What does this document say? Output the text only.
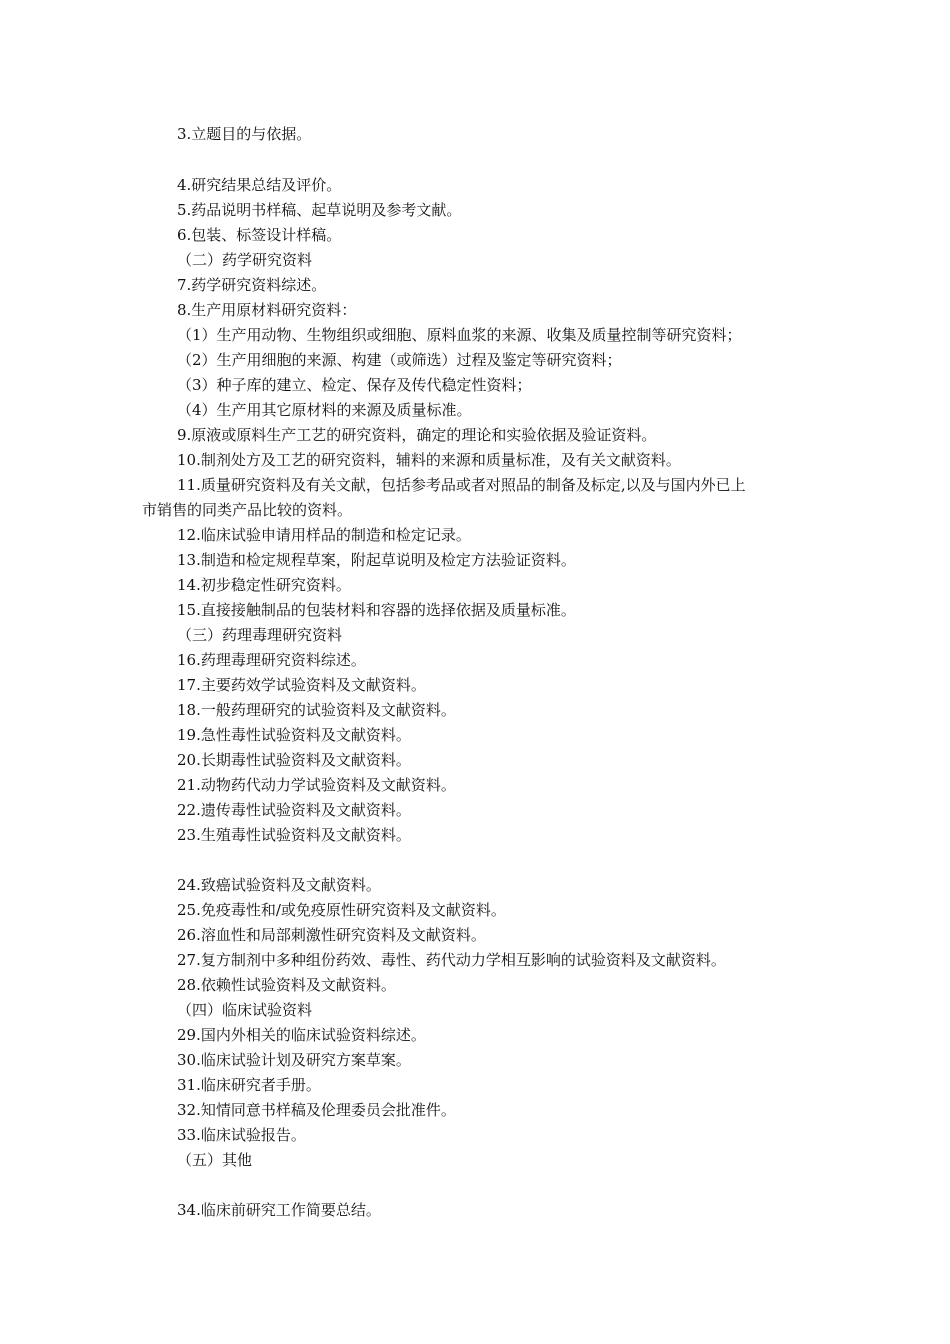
3.立题目的与依据。
4.研究结果总结及评价。
5.药品说明书样稿、起草说明及参考文献。
6.包装、标签设计样稿。
（二）药学研究资料
7.药学研究资料综述。
8.生产用原材料研究资料：
（1）生产用动物、生物组织或细胞、原料血浆的来源、收集及质量控制等研究资料；
（2）生产用细胞的来源、构建（或筛选）过程及鉴定等研究资料；
（3）种子库的建立、检定、保存及传代稳定性资料；
（4）生产用其它原材料的来源及质量标准。
9.原液或原料生产工艺的研究资料，确定的理论和实验依据及验证资料。
10.制剂处方及工艺的研究资料，辅料的来源和质量标准，及有关文献资料。
11.质量研究资料及有关文献，包括参考品或者对照品的制备及标定,以及与国内外已上
市销售的同类产品比较的资料。
12.临床试验申请用样品的制造和检定记录。
13.制造和检定规程草案，附起草说明及检定方法验证资料。
14.初步稳定性研究资料。
15.直接接触制品的包装材料和容器的选择依据及质量标准。
（三）药理毒理研究资料
16.药理毒理研究资料综述。
17.主要药效学试验资料及文献资料。
18.一般药理研究的试验资料及文献资料。
19.急性毒性试验资料及文献资料。
20.长期毒性试验资料及文献资料。
21.动物药代动力学试验资料及文献资料。
22.遗传毒性试验资料及文献资料。
23.生殖毒性试验资料及文献资料。
24.致癌试验资料及文献资料。
25.免疫毒性和/或免疫原性研究资料及文献资料。
26.溶血性和局部刺激性研究资料及文献资料。
27.复方制剂中多种组份药效、毒性、药代动力学相互影响的试验资料及文献资料。
28.依赖性试验资料及文献资料。
（四）临床试验资料
29.国内外相关的临床试验资料综述。
30.临床试验计划及研究方案草案。
31.临床研究者手册。
32.知情同意书样稿及伦理委员会批准件。
33.临床试验报告。
（五）其他
34.临床前研究工作简要总结。
